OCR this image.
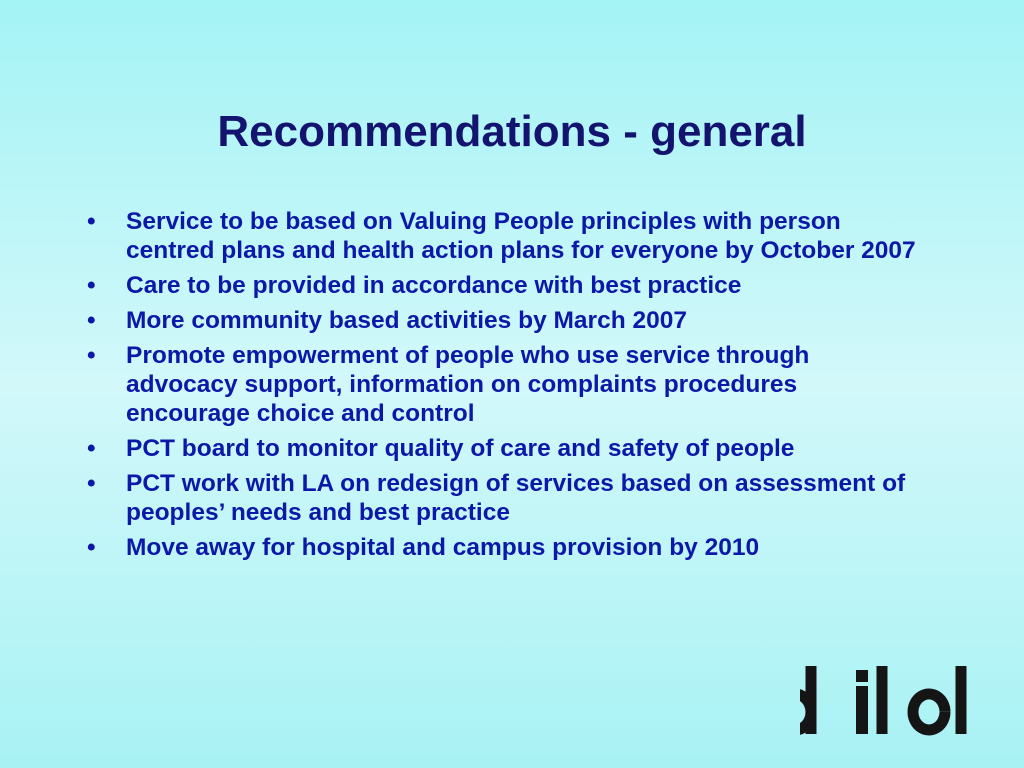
Recommendations - general
•	Service to be based on Valuing People principles with person centred plans and health action plans for everyone by October 2007
•	Care to be provided in accordance with best practice
•	More community based activities by March 2007
•	Promote empowerment of people who use service through advocacy support, information on complaints procedures encourage choice and control
•	PCT board to monitor quality of care and safety of people
•	PCT work with LA on redesign of services based on assessment of peoples’ needs and best practice
•	Move away for hospital and campus provision by 2010
